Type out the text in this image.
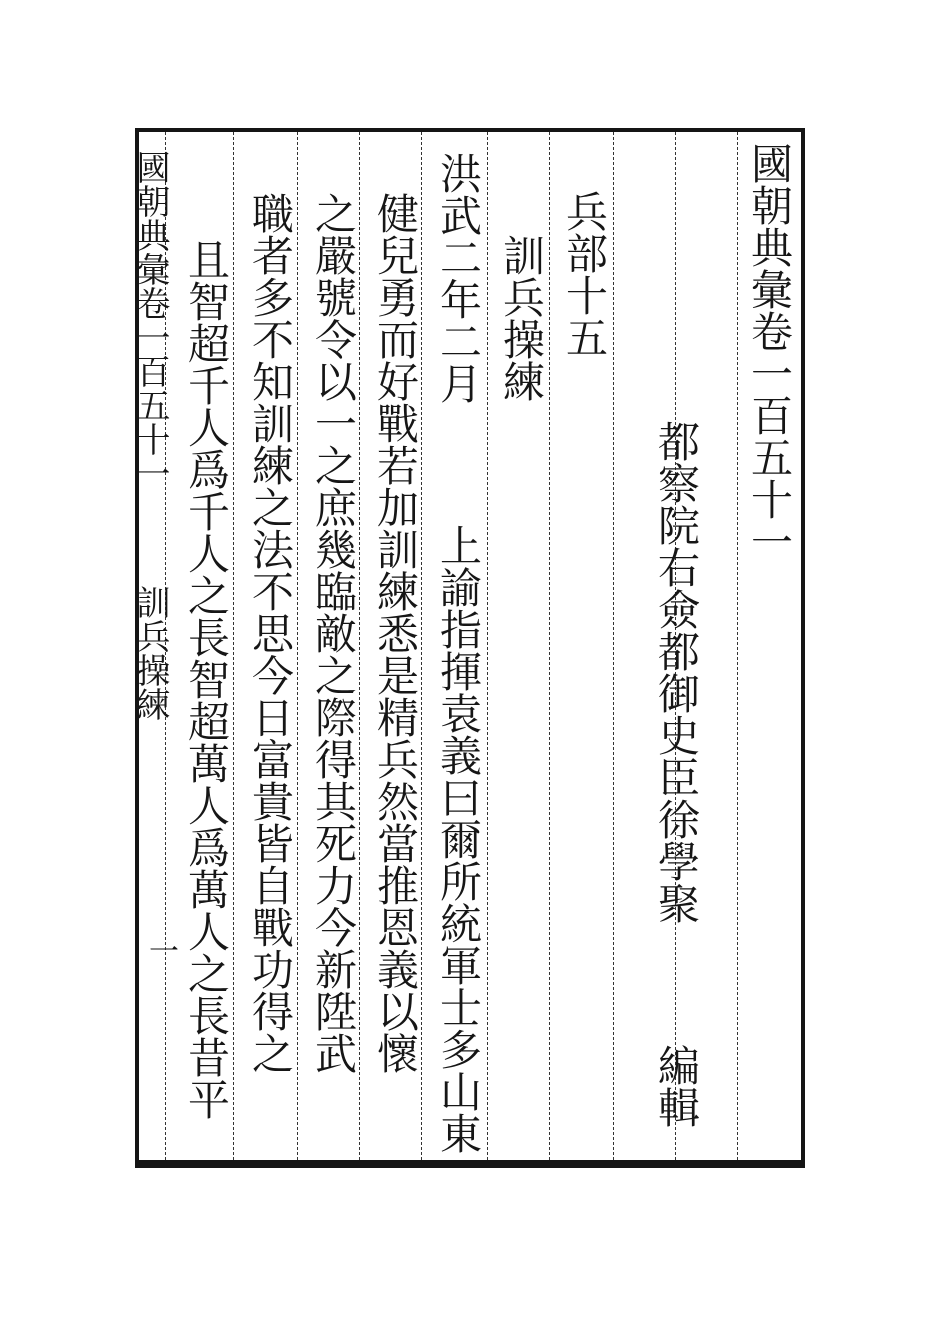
國朝典彙卷一百五十一
訓兵操練
一
國朝典彙卷一百五十一
都察院右僉都御史臣徐學聚  編輯
兵部十五
訓兵操練
洪武二年二月  上諭指揮袁義曰爾所統軍士多山東
健兒勇而好戰若加訓練悉是精兵然當推恩義以懷
之嚴號令以一之庶幾臨敵之際得其死力今新陞武
職者多不知訓練之法不思今日富貴皆自戰功得之
且智超千人爲千人之長智超萬人爲萬人之長昔平
